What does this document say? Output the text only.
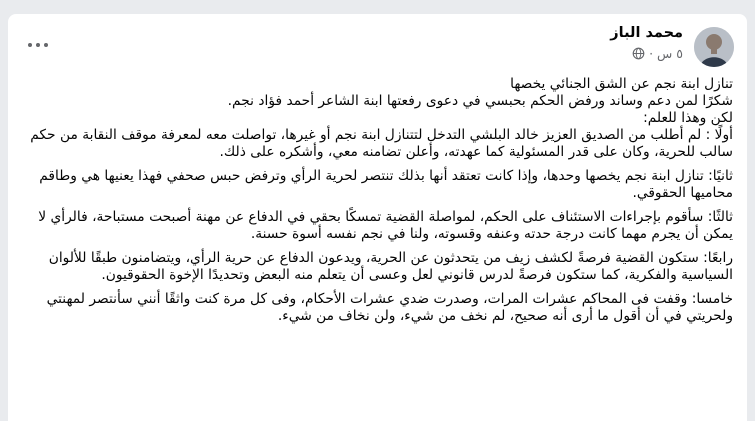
محمد الباز
٥ س
·

تنازل ابنة نجم عن الشق الجنائي يخصها

شكرًا لمن دعم وساند ورفض الحكم بحبسي في دعوى رفعتها ابنة الشاعر أحمد فؤاد نجم.

لكن وهذا للعلم:

أولًا : لم أطلب من الصديق العزيز خالد البلشي التدخل لتتنازل ابنة نجم أو غيرها، تواصلت معه لمعرفة موقف النقابة من حكم سالب للحرية، وكان على قدر المسئولية كما عهدته، وأعلن تضامنه معي، وأشكره على ذلك.

ثانيًا: تنازل ابنة نجم يخصها وحدها، وإذا كانت تعتقد أنها بذلك تنتصر لحرية الرأي وترفض حبس صحفي فهذا يعنيها هي وطاقم محاميها الحقوقي.

ثالثًا: سأقوم بإجراءات الاستئناف على الحكم، لمواصلة القضية تمسكًا بحقي في الدفاع عن مهنة أصبحت مستباحة، فالرأي لا يمكن أن يجرم مهما كانت درجة حدته وعنفه وقسوته، ولنا في نجم نفسه أسوة حسنة.

رابعًا: ستكون القضية فرصةً لكشف زيف من يتحدثون عن الحرية، ويدعون الدفاع عن حرية الرأي، ويتضامنون طبقًا للألوان السياسية والفكرية، كما ستكون فرصةً لدرس قانوني لعل وعسى أن يتعلم منه البعض وتحديدًا الإخوة الحقوقيون.

خامسا: وقفت فى المحاكم عشرات المرات، وصدرت ضدي عشرات الأحكام، وفى كل مرة كنت واثقًا أنني سأنتصر لمهنتي ولحريتي في أن أقول ما أرى أنه صحيح، لم نخف من شيء، ولن نخاف من شيء.
